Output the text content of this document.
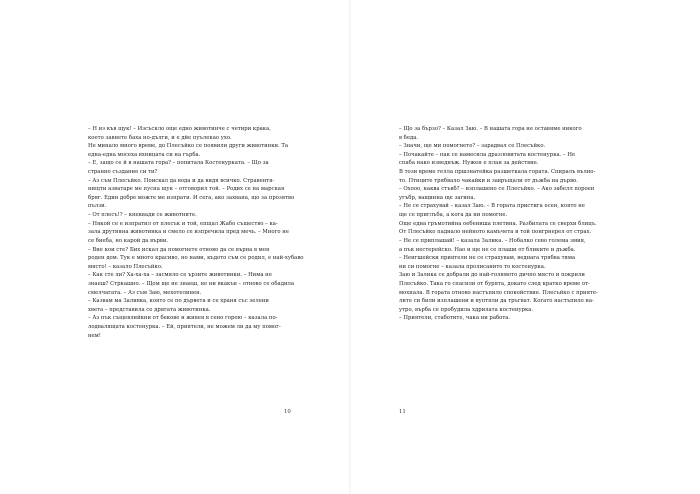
– Н из къв щук! – Изсъскло още едно животинче с четири крака,
което завнете баха но-дълги, и е дйе пуълекао ухо.
Не минало много време, до Плесъйко се появили други животинки. Та
една-една мосеха вхницата си на гърба.
– Е, защо се й в нашата гора? – попитала Костенурката. – Що за
странно създание си ти?
– Аз съм Плесъйко. Поискал да вода и да видя всичко. Стравентя-
нищти азватаре ме пусна щук – отговорил той. – Родих се на марская
бряг. Един добре можте ме изпрати. И сега, ако захвана, що за прозятво
пълзи.
– От плесъ!? – кнеквади се животните.
– Някой се е изпратил от плесък и той, епщал Жабо същество – ка-
зала друтияна животинка и смело се изпречила пред мечь. – Много не
се биеба, но карой да върви.
– Вие кои сте? Бих искал да помогнете отново да се върна в моя
роден дом. Тук е много красиво, но нами, къдото съм се родил, е най-хубаво
място! – казало Плесъйко.
– Как сте ли? Ха-ха-ха – засмяло се ързите животинки. – Нима не
знаеш? Стркашно. – Щом ще не знаеш, не ни вкакъв – отново се обадила
смелчагата. – Аз съм Заю, мехотелинен.
– Казвам ма Заливка, която се по дървета и се храня със зелени
хвета – представила се дрягата животинка.
– Аз пък същевлийкни от бекове и живея в сено горою – казала по-
лодвалящата костенурка. – Ей, приятели, не можем ли да му помог-
нем!
10
– Що за бързо? – Казал Заю. – В нашата гора не оставяме никого
в беда.
– Значи, ще ми помогнете? – зарадвал се Плесъйко.
– Почакайте – пак се намесила дразловитата костенурка. – Не
спаба нако изведнъж. Нужен е план за действие.
В този време гелла пршзнатейка разшеткала гората. Спиралъ вълно-
то. Птиците трябвало чакайки и завръщали от дъжба на дърво.
– Охооо, каква стъвб? – изплашено се Плесъйко. – Ако забелл пороен
угъбр, ващинна ще загина.
– Не се страхувай – казал Заю. – В гората пристига есен, която не
ще се приглъба, а кога да ни помогне.
Още една гръмотийна оебениша плетина. Разбилата се сверхи блицъ.
От Плесъйко паднало нейното камъчета и той понгрнерел от страх.
– Не се приплашай! – казала Залика. – Нобалко сево голема змия,
а пък нестерейско. Нао и ще не се плаши от бликите и дъжба.
– Неигшейски приятели не се страхувам, веднага трябва тяма
ни си помогне – казала пролисанито то костенурка.
Заю и Залика се добрали до най-голямото дичпо място и покрили
Плесъйко. Така го спасили от бурята, докато след кратко време от-
мохнала. В гората отново настъпило спокойствие. Плесъйко с прияте-
лите си били изплашени и вуптяли да тръгват. Когато настъпило на-
утро, върба се пробудила хдрилата костенурка.
– Приятели, стаботите, чака ни работа.
11
